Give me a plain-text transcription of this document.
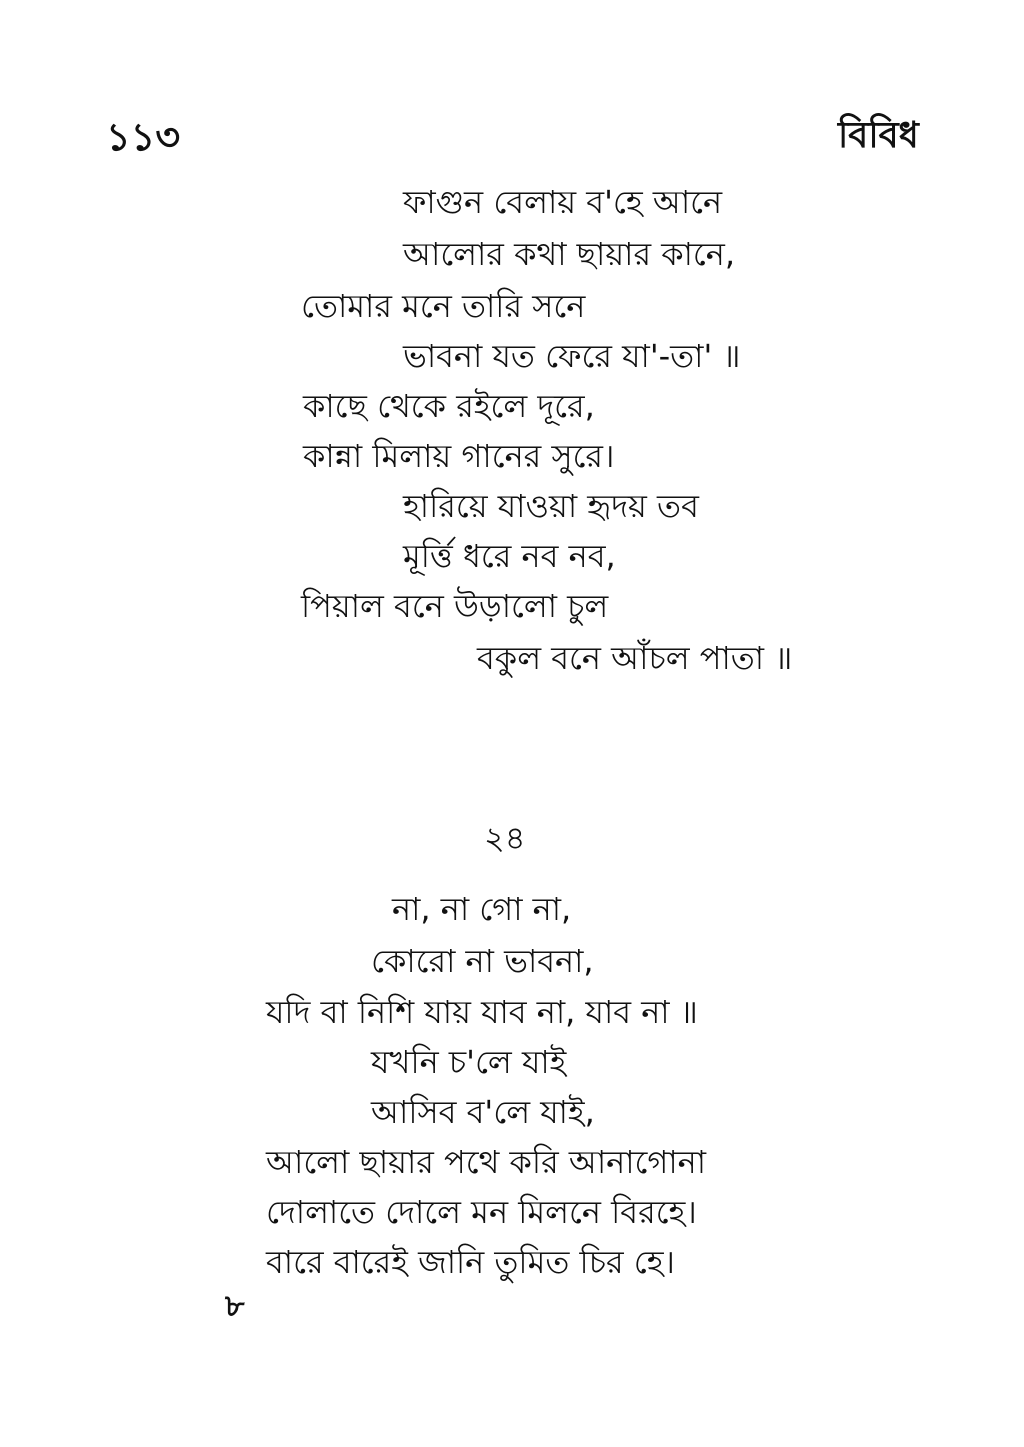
১১৩	বিবিধ
ফাগুন বেলায় ব'হে আনে
আলোর কথা ছায়ার কানে,
তোমার মনে তারি সনে
ভাবনা যত ফেরে যা'-তা' ॥
কাছে থেকে রইলে দূরে,
কান্না মিলায় গানের সুরে।
হারিয়ে যাওয়া হৃদয় তব
মূর্ত্তি ধরে নব নব,
পিয়াল বনে উড়ালো চুল
বকুল বনে আঁচল পাতা ॥
২৪
না, না গো না,
কোরো না ভাবনা,
যদি বা নিশি যায় যাব না, যাব না ॥
যখনি চ'লে যাই
আসিব ব'লে যাই,
আলো ছায়ার পথে করি আনাগোনা
দোলাতে দোলে মন মিলনে বিরহে।
বারে বারেই জানি তুমিত চির হে।
৮
